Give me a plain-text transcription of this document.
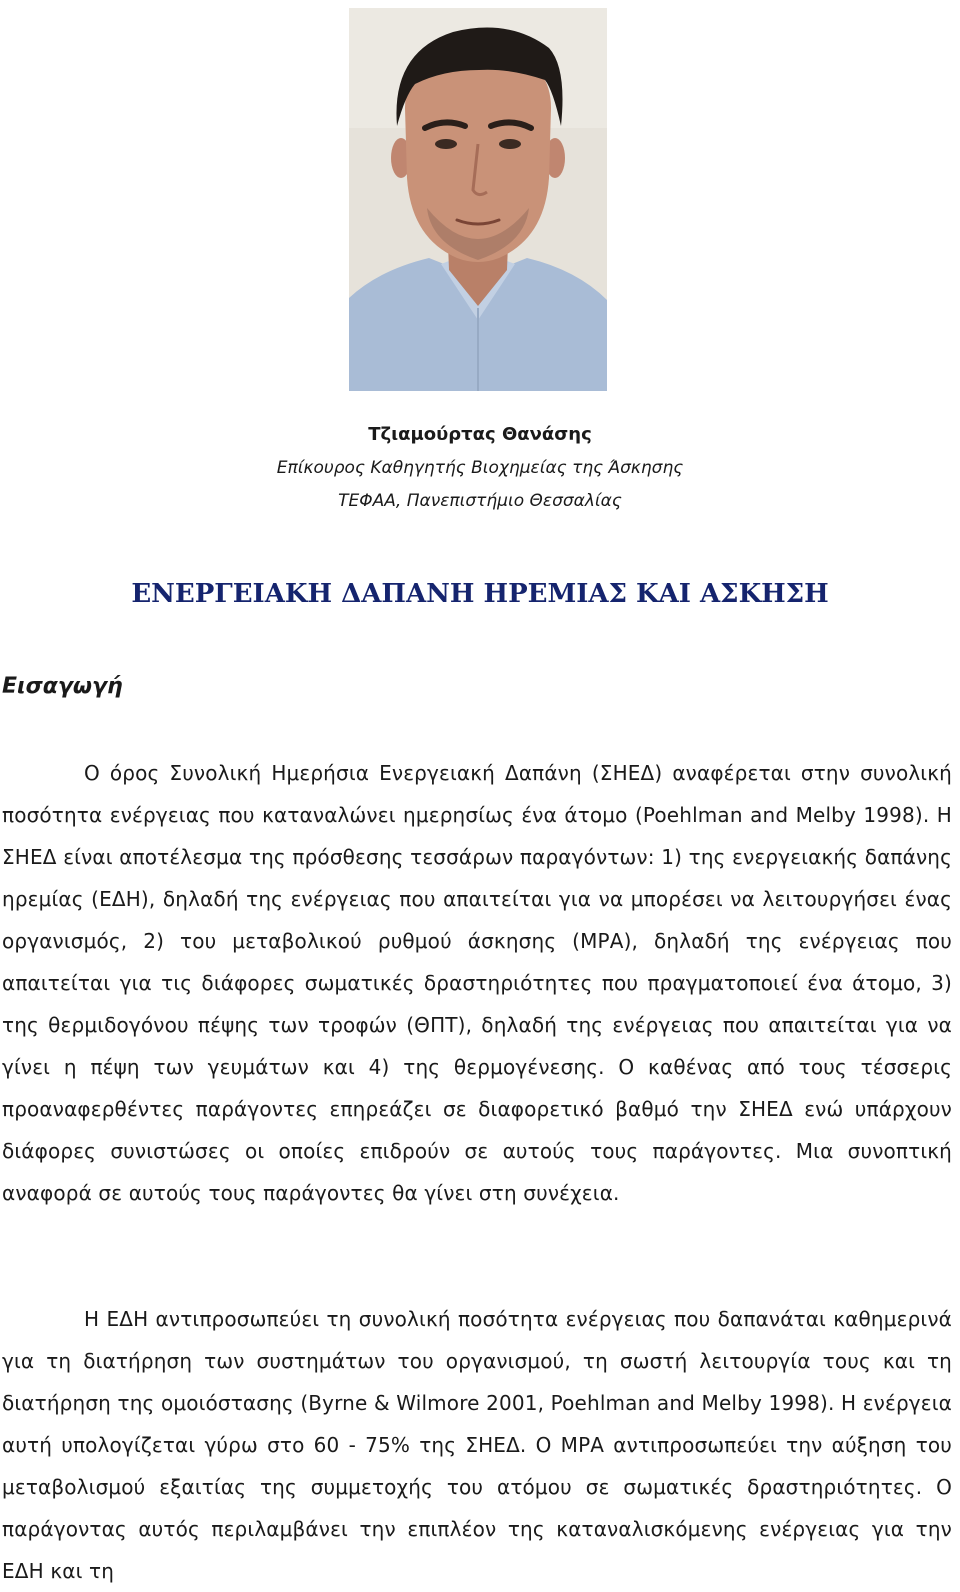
Τζιαμούρτας Θανάσης
Επίκουρος Καθηγητής Βιοχημείας της Άσκησης
ΤΕΦΑΑ, Πανεπιστήμιο Θεσσαλίας
ΕΝΕΡΓΕΙΑΚΗ ΔΑΠΑΝΗ ΗΡΕΜΙΑΣ ΚΑΙ ΑΣΚΗΣΗ
Εισαγωγή

Ο όρος Συνολική Ημερήσια Ενεργειακή Δαπάνη (ΣΗΕΔ) αναφέρεται στην συνολική ποσότητα ενέργειας που καταναλώνει ημερησίως ένα άτομο (Poehlman and Melby 1998). Η ΣΗΕΔ είναι αποτέλεσμα της πρόσθεσης τεσσάρων παραγόντων: 1) της ενεργειακής δαπάνης ηρεμίας (ΕΔΗ), δηλαδή της ενέργειας που απαιτείται για να μπορέσει να λειτουργήσει ένας οργανισμός, 2) του μεταβολικού ρυθμού άσκησης (ΜΡΑ), δηλαδή της ενέργειας που απαιτείται για τις διάφορες σωματικές δραστηριότητες που πραγματοποιεί ένα άτομο, 3) της θερμιδογόνου πέψης των τροφών (ΘΠΤ), δηλαδή της ενέργειας που απαιτείται για να γίνει η πέψη των γευμάτων και 4) της θερμογένεσης. Ο καθένας από τους τέσσερις προαναφερθέντες παράγοντες επηρεάζει σε διαφορετικό βαθμό την ΣΗΕΔ ενώ υπάρχουν διάφορες συνιστώσες οι οποίες επιδρούν σε αυτούς τους παράγοντες. Μια συνοπτική αναφορά σε αυτούς τους παράγοντες θα γίνει στη συνέχεια.

Η ΕΔΗ αντιπροσωπεύει τη συνολική ποσότητα ενέργειας που δαπανάται καθημερινά για τη διατήρηση των συστημάτων του οργανισμού, τη σωστή λειτουργία τους και τη διατήρηση της ομοιόστασης (Byrne & Wilmore 2001, Poehlman and Melby 1998). Η ενέργεια αυτή υπολογίζεται γύρω στο 60 - 75% της ΣΗΕΔ. Ο ΜΡΑ αντιπροσωπεύει την αύξηση του μεταβολισμού εξαιτίας της συμμετοχής του ατόμου σε σωματικές δραστηριότητες. Ο παράγοντας αυτός περιλαμβάνει την επιπλέον της καταναλισκόμενης ενέργειας για την ΕΔΗ και τη
